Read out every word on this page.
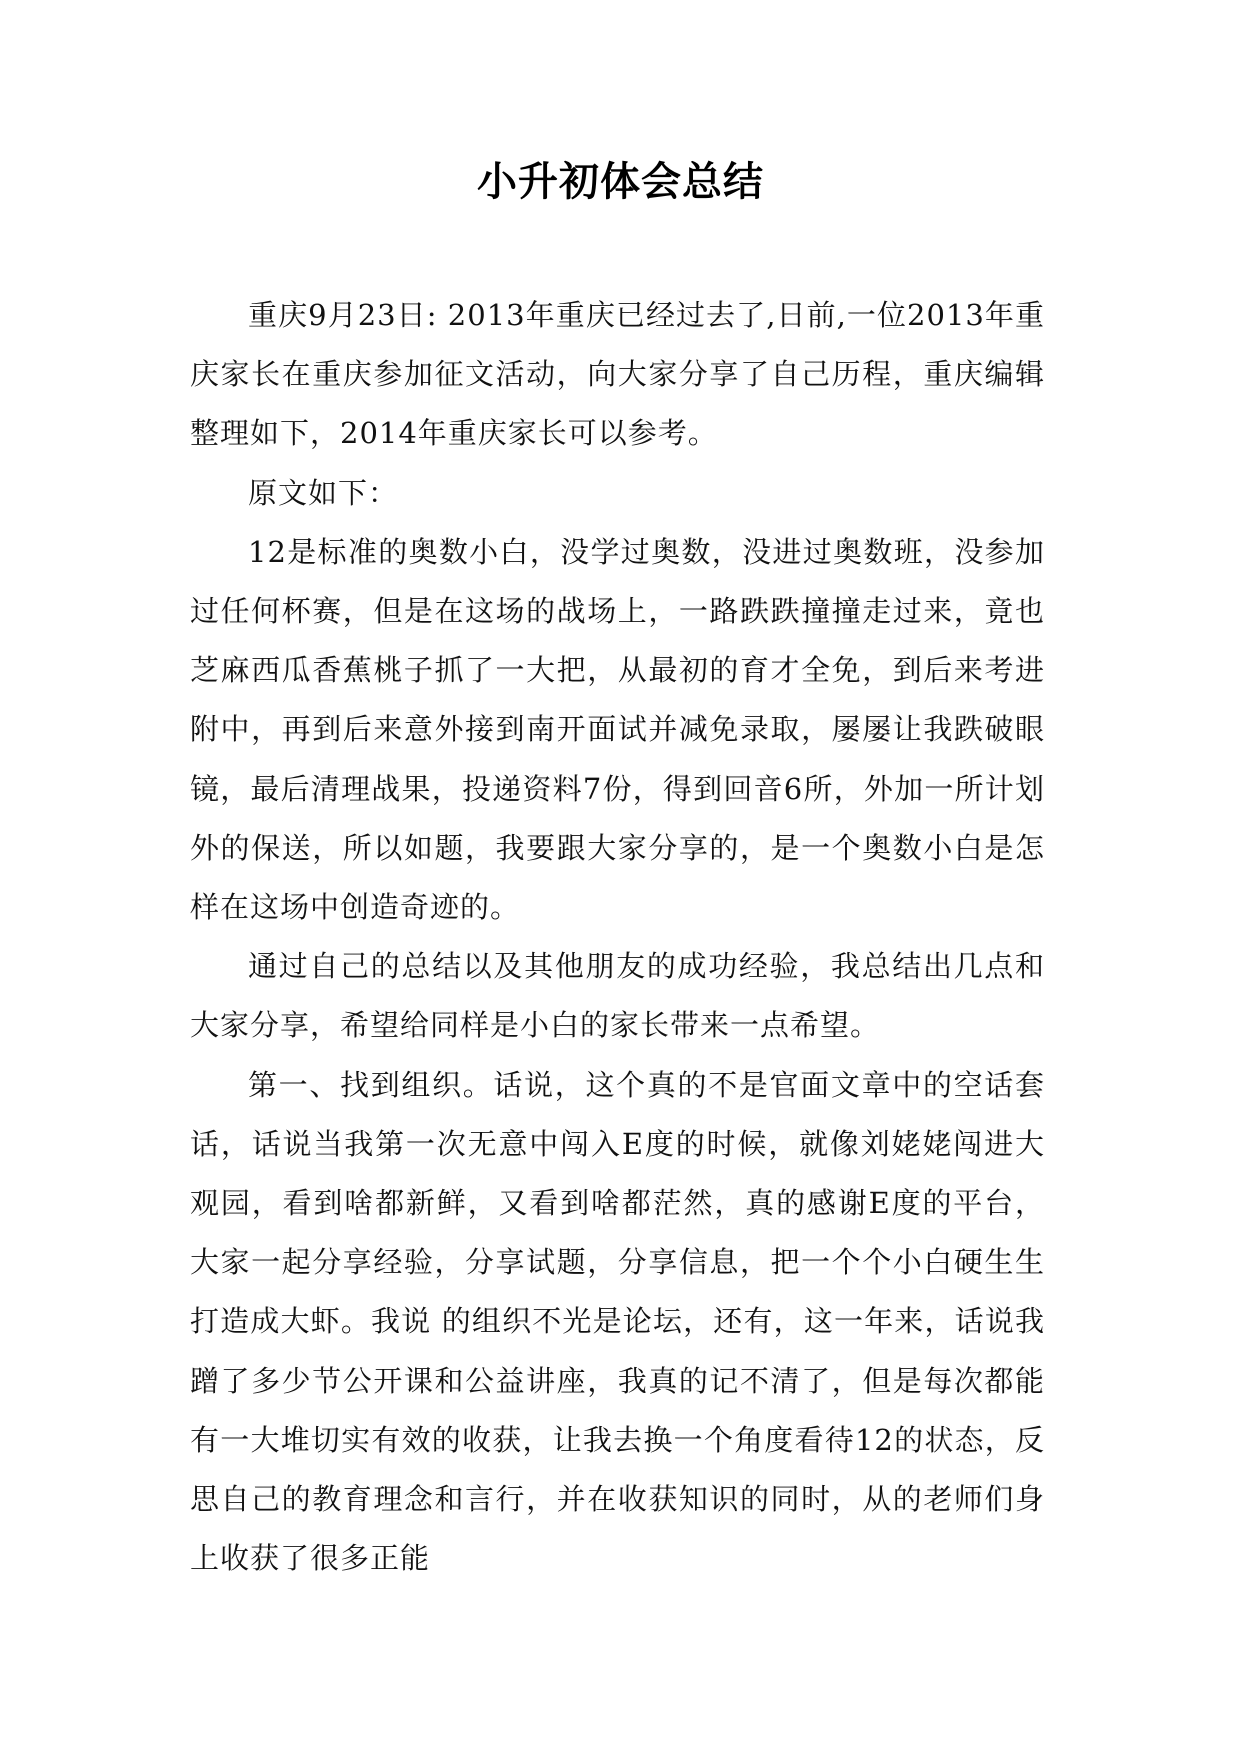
小升初体会总结

重庆9月23日: 2013年重庆已经过去了,日前,一位2013年重庆家长在重庆参加征文活动，向大家分享了自己历程，重庆编辑整理如下，2014年重庆家长可以参考。

原文如下：

12是标准的奥数小白，没学过奥数，没进过奥数班，没参加过任何杯赛，但是在这场的战场上，一路跌跌撞撞走过来，竟也芝麻西瓜香蕉桃子抓了一大把，从最初的育才全免，到后来考进附中，再到后来意外接到南开面试并减免录取，屡屡让我跌破眼镜，最后清理战果，投递资料7份，得到回音6所，外加一所计划外的保送，所以如题，我要跟大家分享的，是一个奥数小白是怎样在这场中创造奇迹的。

通过自己的总结以及其他朋友的成功经验，我总结出几点和大家分享，希望给同样是小白的家长带来一点希望。

第一、找到组织。话说，这个真的不是官面文章中的空话套话，话说当我第一次无意中闯入E度的时候，就像刘姥姥闯进大观园，看到啥都新鲜，又看到啥都茫然，真的感谢E度的平台，大家一起分享经验，分享试题，分享信息，把一个个小白硬生生打造成大虾。我说 的组织不光是论坛，还有，这一年来，话说我蹭了多少节公开课和公益讲座，我真的记不清了，但是每次都能有一大堆切实有效的收获，让我去换一个角度看待12的状态，反思自己的教育理念和言行，并在收获知识的同时，从的老师们身上收获了很多正能
